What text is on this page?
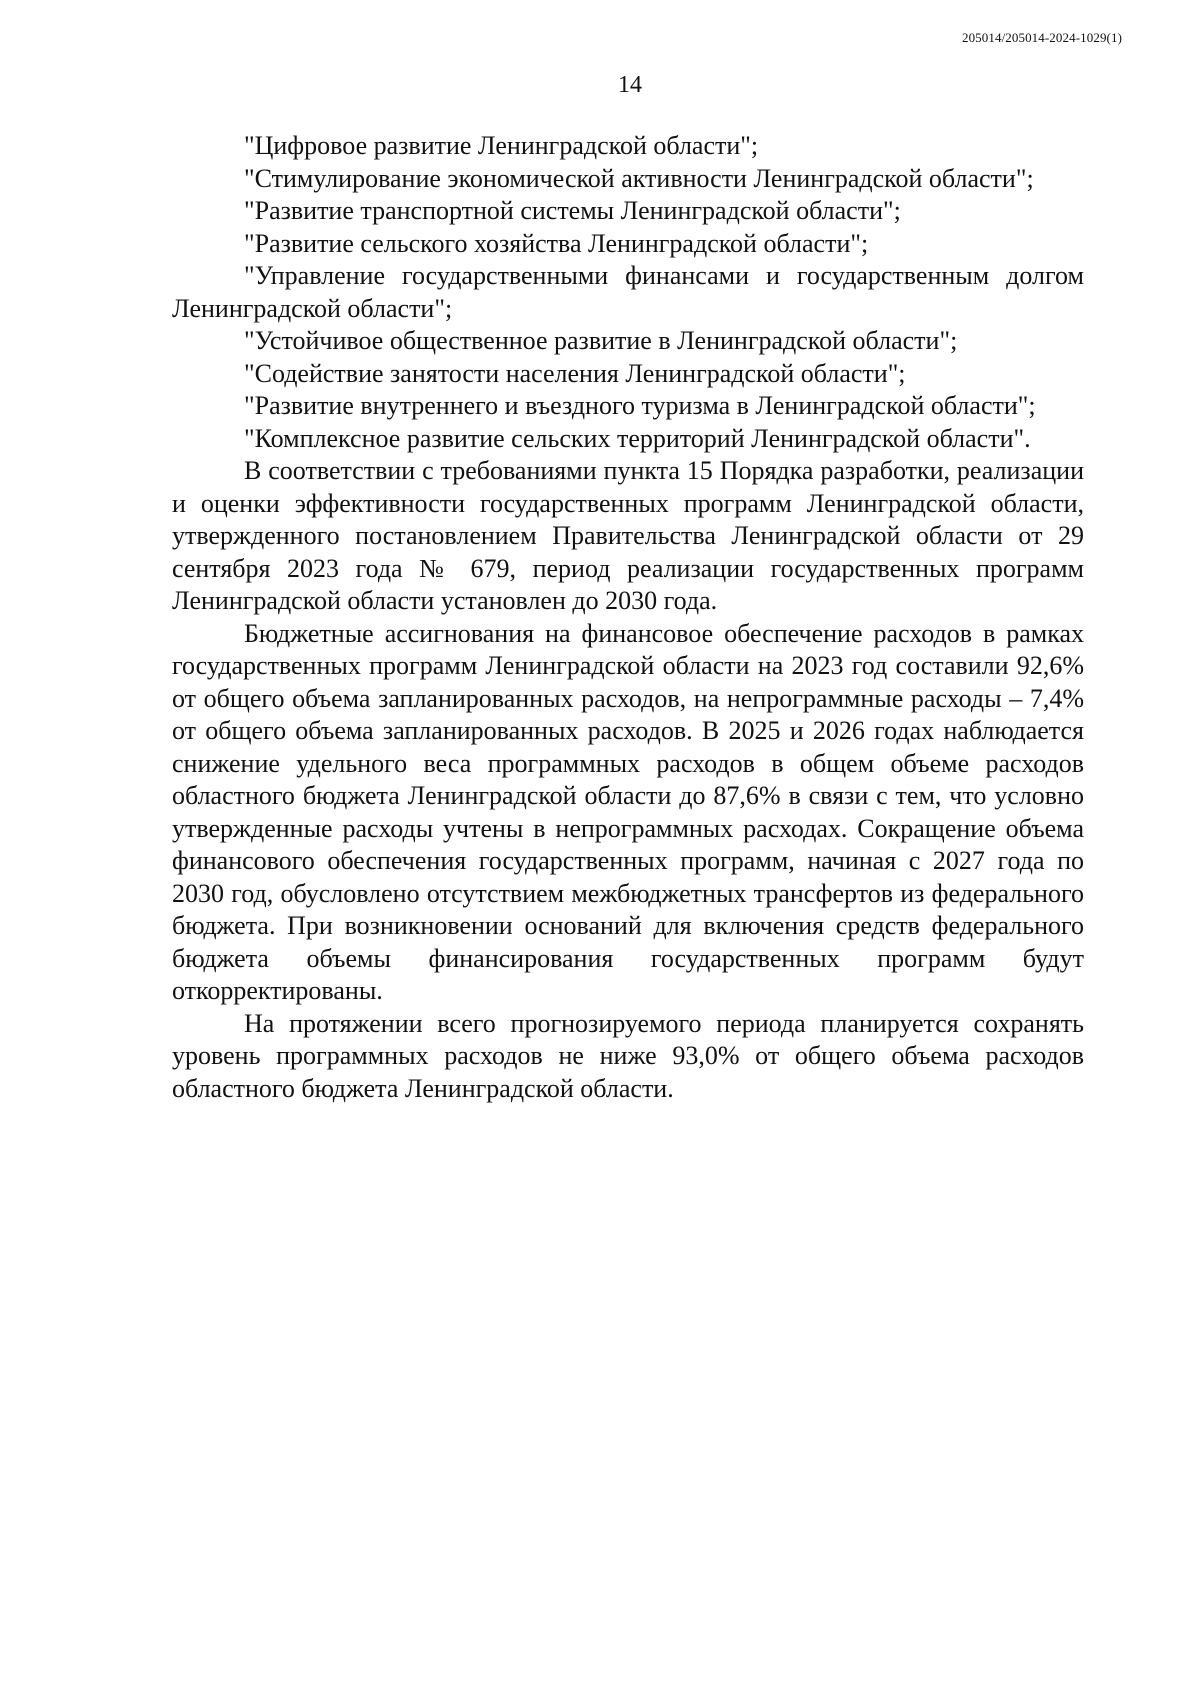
205014/205014-2024-1029(1)
14

"Цифровое развитие Ленинградской области";

"Стимулирование экономической активности Ленинградской области";

"Развитие транспортной системы Ленинградской области";

"Развитие сельского хозяйства Ленинградской области";

"Управление государственными финансами и государственным долгом Ленинградской области";

"Устойчивое общественное развитие в Ленинградской области";

"Содействие занятости населения Ленинградской области";

"Развитие внутреннего и въездного туризма в Ленинградской области";

"Комплексное развитие сельских территорий Ленинградской области".

В соответствии с требованиями пункта 15 Порядка разработки, реализации и оценки эффективности государственных программ Ленинградской области, утвержденного постановлением Правительства Ленинградской области от 29 сентября 2023 года № 679, период реализации государственных программ Ленинградской области установлен до 2030 года.

Бюджетные ассигнования на финансовое обеспечение расходов в рамках государственных программ Ленинградской области на 2023 год составили 92,6% от общего объема запланированных расходов, на непрограммные расходы – 7,4% от общего объема запланированных расходов. В 2025 и 2026 годах наблюдается снижение удельного веса программных расходов в общем объеме расходов областного бюджета Ленинградской области до 87,6% в связи с тем, что условно утвержденные расходы учтены в непрограммных расходах. Сокращение объема финансового обеспечения государственных программ, начиная с 2027 года по 2030 год, обусловлено отсутствием межбюджетных трансфертов из федерального бюджета. При возникновении оснований для включения средств федерального бюджета объемы финансирования государственных программ будут откорректированы.

На протяжении всего прогнозируемого периода планируется сохранять уровень программных расходов не ниже 93,0% от общего объема расходов областного бюджета Ленинградской области.
